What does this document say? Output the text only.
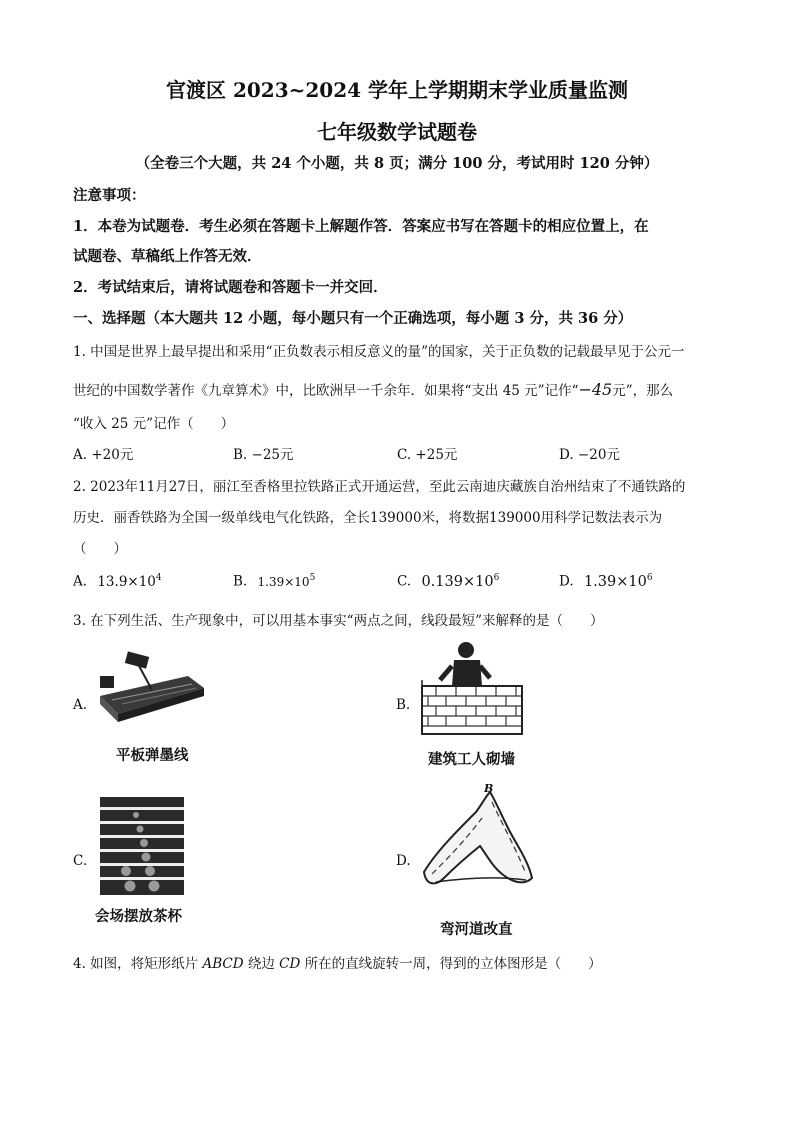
官渡区 2023~2024 学年上学期期末学业质量监测
七年级数学试题卷
（全卷三个大题，共 24 个小题，共 8 页；满分 100 分，考试用时 120 分钟）
注意事项：
1．本卷为试题卷．考生必须在答题卡上解题作答．答案应书写在答题卡的相应位置上，在
试题卷、草稿纸上作答无效．
2．考试结束后，请将试题卷和答题卡一并交回．
一、选择题（本大题共 12 小题，每小题只有一个正确选项，每小题 3 分，共 36 分）
1. 中国是世界上最早提出和采用“正负数表示相反意义的量”的国家，关于正负数的记载最早见于公元一
世纪的中国数学著作《九章算术》中，比欧洲早一千余年．如果将“支出 45 元”记作“−45元”，那么
“收入 25 元”记作（　　）
A. +20元	B. −25元	C. +25元	D. −20元
2. 2023年11月27日，丽江至香格里拉铁路正式开通运营，至此云南迪庆藏族自治州结束了不通铁路的
历史．丽香铁路为全国一级单线电气化铁路，全长139000米，将数据139000用科学记数法表示为
（　　）
A. $13.9\times 10^4$	B. $1.39\times 10^5$	C. $0.139\times 10^6$	D. $1.39\times 10^6$
3. 在下列生活、生产现象中，可以用基本事实“两点之间，线段最短”来解释的是（　　）
A.
平板弹墨线
B.
建筑工人砌墙
C.
会场摆放茶杯
D.
B
弯河道改直
4. 如图，将矩形纸片 ABCD 绕边 CD 所在的直线旋转一周，得到的立体图形是（　　）
